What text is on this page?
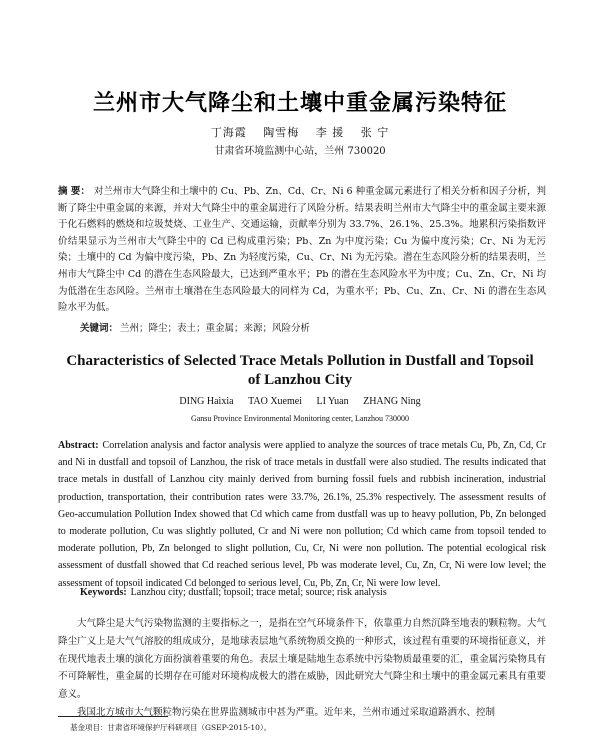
兰州市大气降尘和土壤中重金属污染特征
丁海霞 陶雪梅 李 援 张 宁
甘肃省环境监测中心站，兰州 730020

摘 要： 对兰州市大气降尘和土壤中的 Cu、Pb、Zn、Cd、Cr、Ni 6 种重金属元素进行了相关分析和因子分析，判断了降尘中重金属的来源，并对大气降尘中的重金属进行了风险分析。结果表明兰州市大气降尘中的重金属主要来源于化石燃料的燃烧和垃圾焚烧、工业生产、交通运输，贡献率分别为 33.7%、26.1%、25.3%。地累积污染指数评价结果显示为兰州市大气降尘中的 Cd 已构成重污染；Pb、Zn 为中度污染；Cu 为偏中度污染；Cr、Ni 为无污染；土壤中的 Cd 为偏中度污染，Pb、Zn 为轻度污染，Cu、Cr、Ni 为无污染。潜在生态风险分析的结果表明，兰州市大气降尘中 Cd 的潜在生态风险最大，已达到严重水平；Pb 的潜在生态风险水平为中度；Cu、Zn、Cr、Ni 均为低潜在生态风险。兰州市土壤潜在生态风险最大的同样为 Cd，为重水平；Pb、Cu、Zn、Cr、Ni 的潜在生态风险水平为低。

关键词： 兰州；降尘；表土；重金属；来源；风险分析
Characteristics of Selected Trace Metals Pollution in Dustfall and Topsoil of Lanzhou City
DING Haixia TAO Xuemei LI Yuan ZHANG Ning
Gansu Province Environmental Monitoring center, Lanzhou 730000

Abstract: Correlation analysis and factor analysis were applied to analyze the sources of trace metals Cu, Pb, Zn, Cd, Cr and Ni in dustfall and topsoil of Lanzhou, the risk of trace metals in dustfall were also studied. The results indicated that trace metals in dustfall of Lanzhou city mainly derived from burning fossil fuels and rubbish incineration, industrial production, transportation, their contribution rates were 33.7%, 26.1%, 25.3% respectively. The assessment results of Geo-accumulation Pollution Index showed that Cd which came from dustfall was up to heavy pollution, Pb, Zn belonged to moderate pollution, Cu was slightly polluted, Cr and Ni were non pollution; Cd which came from topsoil tended to moderate pollution, Pb, Zn belonged to slight pollution, Cu, Cr, Ni were non pollution. The potential ecological risk assessment of dustfall showed that Cd reached serious level, Pb was moderate level, Cu, Zn, Cr, Ni were low level; the assessment of topsoil indicated Cd belonged to serious level, Cu, Pb, Zn, Cr, Ni were low level.

Keywords: Lanzhou city; dustfall; topsoil; trace metal; source; risk analysis

大气降尘是大气污染物监测的主要指标之一，是指在空气环境条件下，依靠重力自然沉降至地表的颗粒物。大气降尘广义上是大气气溶胶的组成成分，是地球表层地气系统物质交换的一种形式，该过程有重要的环境指征意义，并在现代地表土壤的演化方面扮演着重要的角色。表层土壤是陆地生态系统中污染物质最重要的汇，重金属污染物具有不可降解性，重金属的长期存在可能对环境构成极大的潜在威胁，因此研究大气降尘和土壤中的重金属元素具有重要意义。

我国北方城市大气颗粒物污染在世界监测城市中甚为严重。近年来，兰州市通过采取道路洒水、控制

基金项目：甘肃省环境保护厅科研项目（GSEP-2015-10）。
